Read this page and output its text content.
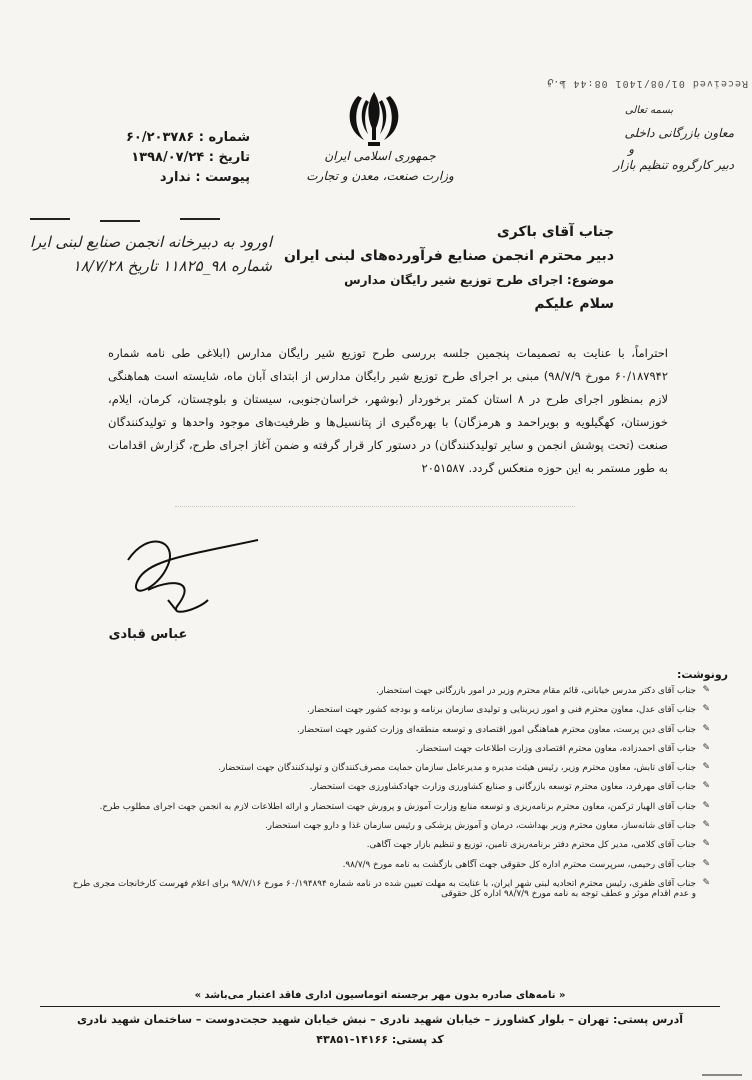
Received 01/08/1401 08:44 ق.ظ
بسمه تعالی
معاون بازرگانی داخلی
و
دبیر کارگروه تنظیم بازار
جمهوری اسلامی ایران
وزارت صنعت، معدن و تجارت
شماره : ۶۰/۲۰۳۷۸۶
تاریخ : ۱۳۹۸/۰۷/۲۴
پیوست : ندارد
اورود به دبیرخانه انجمن صنایع لبنی ایرا
شماره ۹۸_۱۱۸۲۵ تاریخ ۱۸/۷/۲۸
جناب آقای باکری
دبیر محترم انجمن صنایع فرآورده‌های لبنی ایران
موضوع: اجرای طرح توزیع شیر رایگان مدارس
سلام علیکم
احتراماً، با عنایت به تصمیمات پنجمین جلسه بررسی طرح توزیع شیر رایگان مدارس (ابلاغی طی نامه شماره ۶۰/۱۸۷۹۴۲ مورخ ۹۸/۷/۹) مبنی بر اجرای طرح توزیع شیر رایگان مدارس از ابتدای آبان ماه، شایسته است هماهنگی لازم بمنظور اجرای طرح در ۸ استان کمتر برخوردار (بوشهر، خراسان‌جنوبی، سیستان و بلوچستان، کرمان، ایلام، خوزستان، کهگیلویه و بویراحمد و هرمزگان) با بهره‌گیری از پتانسیل‌ها و ظرفیت‌های موجود واحدها و تولیدکنندگان صنعت (تحت پوشش انجمن و سایر تولیدکنندگان) در دستور کار قرار گرفته و ضمن آغاز اجرای طرح، گزارش اقدامات به طور مستمر به این حوزه منعکس گردد. ۲۰۵۱۵۸۷
عباس قبادی
رونوشت:
✎
جناب آقای دکتر مدرس خیابانی، قائم مقام محترم وزیر در امور بازرگانی جهت استحضار.
✎
جناب آقای عدل، معاون محترم فنی و امور زیربنایی و تولیدی سازمان برنامه و بودجه کشور جهت استحضار.
✎
جناب آقای دین پرست، معاون محترم هماهنگی امور اقتصادی و توسعه منطقه‌ای وزارت کشور جهت استحضار.
✎
جناب آقای احمدزاده، معاون محترم اقتصادی وزارت اطلاعات جهت استحضار.
✎
جناب آقای تابش، معاون محترم وزیر، رئیس هیئت مدیره و مدیرعامل سازمان حمایت مصرف‌کنندگان و تولیدکنندگان جهت استحضار.
✎
جناب آقای مهرفرد، معاون محترم توسعه بازرگانی و صنایع کشاورزی وزارت جهادکشاورزی جهت استحضار.
✎
جناب آقای الهیار ترکمن، معاون محترم برنامه‌ریزی و توسعه منابع وزارت آموزش و پرورش جهت استحضار و ارائه اطلاعات لازم به انجمن جهت اجرای مطلوب طرح.
✎
جناب آقای شانه‌ساز، معاون محترم وزیر بهداشت، درمان و آموزش پزشکی و رئیس سازمان غذا و دارو جهت استحضار.
✎
جناب آقای کلامی، مدیر کل محترم دفتر برنامه‌ریزی تامین، توزیع و تنظیم بازار جهت آگاهی.
✎
جناب آقای رحیمی، سرپرست محترم اداره کل حقوقی جهت آگاهی بازگشت به نامه مورخ ۹۸/۷/۹.
✎
جناب آقای ظفری، رئیس محترم اتحادیه لبنی شهر ایران، با عنایت به مهلت تعیین شده در نامه شماره ۶۰/۱۹۴۸۹۴ مورخ ۹۸/۷/۱۶ برای اعلام فهرست کارخانجات مجری طرح و عدم اقدام موثر و عطف توجه به نامه مورخ ۹۸/۷/۹ اداره کل حقوقی
« نامه‌های صادره بدون مهر برجسته اتوماسیون اداری فاقد اعتبار می‌باشد »
آدرس پستی: تهران – بلوار کشاورز – خیابان شهید نادری – نبش خیابان شهید حجت‌دوست – ساختمان شهید نادری
کد پستی: ۱۴۱۶۶-۴۳۸۵۱
